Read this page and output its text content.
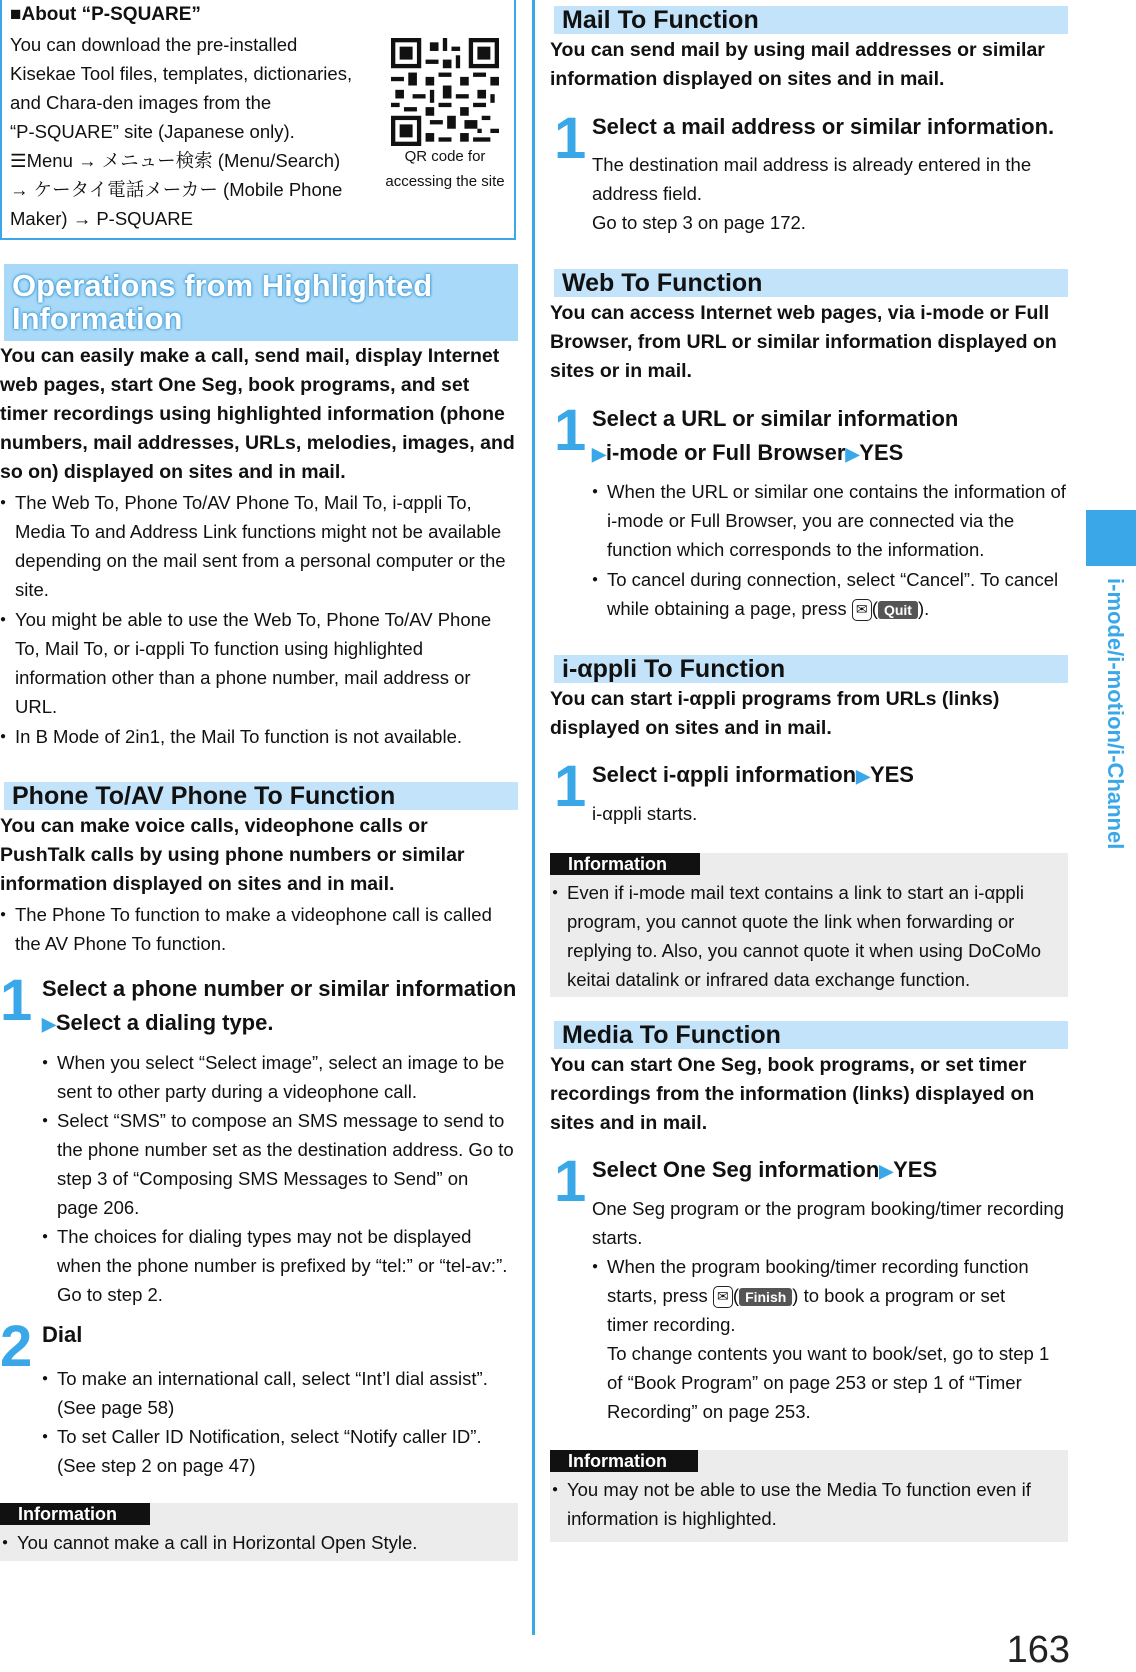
i-mode/i-motion/i-Channel
163
■About “P-SQUARE”
You can download the pre-installed
Kisekae Tool files, templates, dictionaries,
and Chara-den images from the
“P-SQUARE” site (Japanese only).
☰Menu → メニュー検索 (Menu/Search)
→ ケータイ電話メーカー (Mobile Phone
Maker) → P-SQUARE
QR code for
accessing the site
Operations from Highlighted
Information
You can easily make a call, send mail, display Internet
web pages, start One Seg, book programs, and set
timer recordings using highlighted information (phone
numbers, mail addresses, URLs, melodies, images, and
so on) displayed on sites and in mail.
● The Web To, Phone To/AV Phone To, Mail To, i-αppli To,
Media To and Address Link functions might not be available
depending on the mail sent from a personal computer or the
site.
● You might be able to use the Web To, Phone To/AV Phone
To, Mail To, or i-αppli To function using highlighted
information other than a phone number, mail address or
URL.
● In B Mode of 2in1, the Mail To function is not available.
Phone To/AV Phone To Function
You can make voice calls, videophone calls or
PushTalk calls by using phone numbers or similar
information displayed on sites and in mail.
● The Phone To function to make a videophone call is called
the AV Phone To function.
1 Select a phone number or similar information
▶Select a dialing type.
● When you select “Select image”, select an image to be
sent to other party during a videophone call.
● Select “SMS” to compose an SMS message to send to
the phone number set as the destination address. Go to
step 3 of “Composing SMS Messages to Send” on
page 206.
● The choices for dialing types may not be displayed
when the phone number is prefixed by “tel:” or “tel-av:”.
Go to step 2.
2 Dial
● To make an international call, select “Int’l dial assist”.
(See page 58)
● To set Caller ID Notification, select “Notify caller ID”.
(See step 2 on page 47)
Information
● You cannot make a call in Horizontal Open Style.
Mail To Function
You can send mail by using mail addresses or similar
information displayed on sites and in mail.
1 Select a mail address or similar information.
The destination mail address is already entered in the
address field.
Go to step 3 on page 172.
Web To Function
You can access Internet web pages, via i-mode or Full
Browser, from URL or similar information displayed on
sites or in mail.
1 Select a URL or similar information
▶i-mode or Full Browser▶YES
● When the URL or similar one contains the information of
i-mode or Full Browser, you are connected via the
function which corresponds to the information.
● To cancel during connection, select “Cancel”. To cancel
while obtaining a page, press ✉ ( Quit ).
i-αppli To Function
You can start i-αppli programs from URLs (links)
displayed on sites and in mail.
1 Select i-αppli information▶YES
i-αppli starts.
Information
● Even if i-mode mail text contains a link to start an i-αppli
program, you cannot quote the link when forwarding or
replying to. Also, you cannot quote it when using DoCoMo
keitai datalink or infrared data exchange function.
Media To Function
You can start One Seg, book programs, or set timer
recordings from the information (links) displayed on
sites and in mail.
1 Select One Seg information▶YES
One Seg program or the program booking/timer recording
starts.
● When the program booking/timer recording function
starts, press ✉ ( Finish ) to book a program or set
timer recording.
To change contents you want to book/set, go to step 1
of “Book Program” on page 253 or step 1 of “Timer
Recording” on page 253.
Information
● You may not be able to use the Media To function even if
information is highlighted.
